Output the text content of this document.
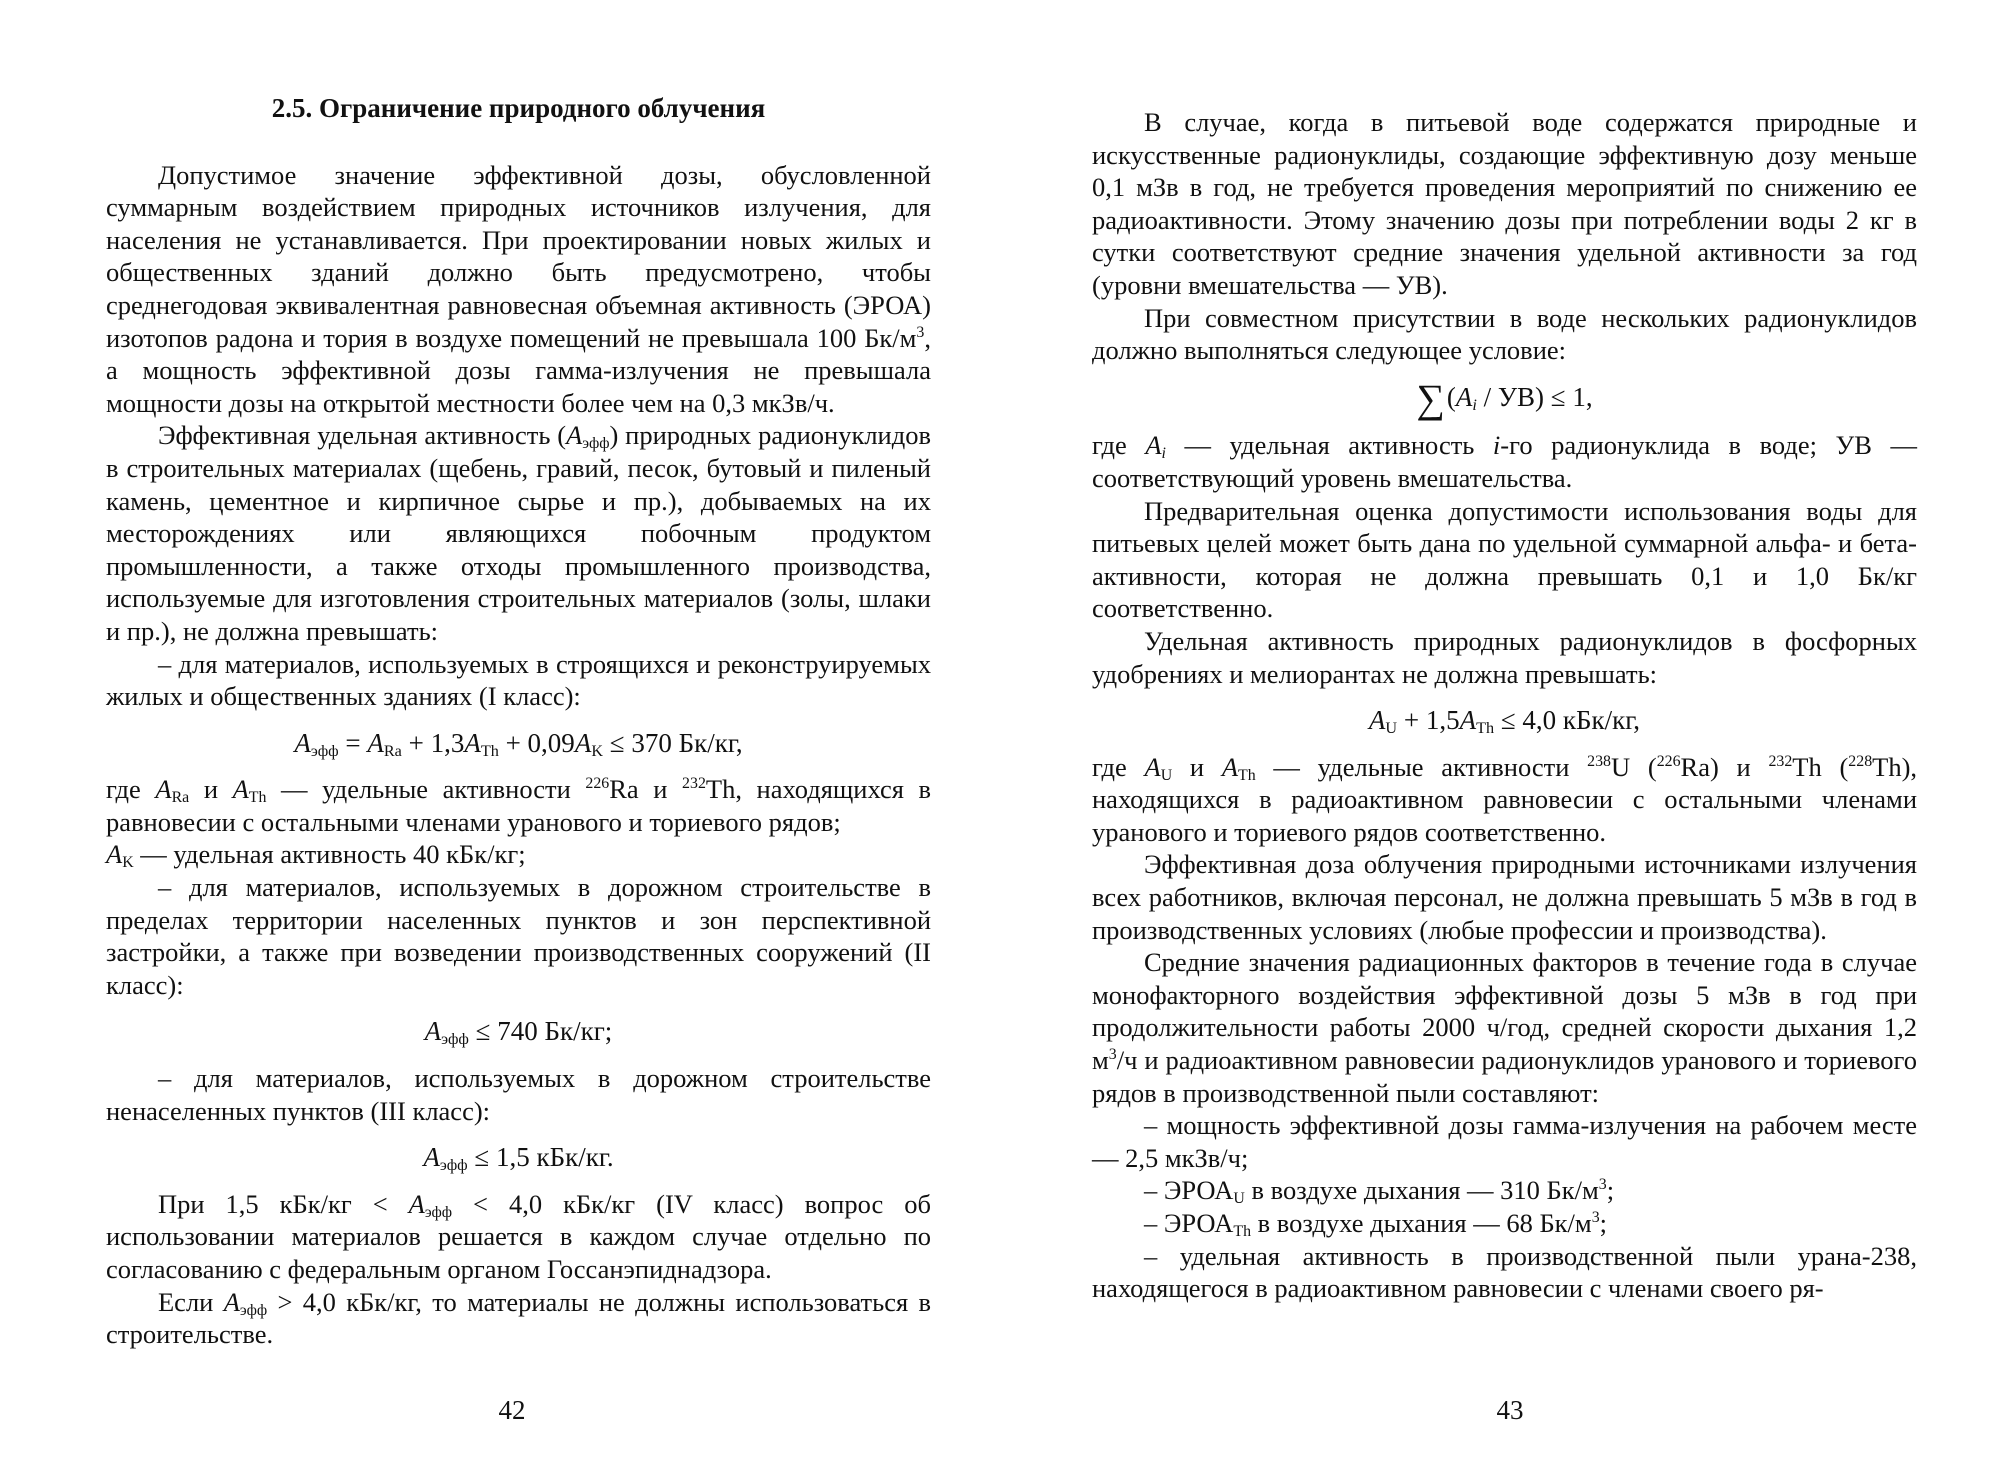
2.5. Ограничение природного облучения

Допустимое значение эффективной дозы, обусловленной суммарным воздействием природных источников излучения, для населения не устанавливается. При проектировании новых жилых и общественных зданий должно быть предусмотрено, чтобы среднегодовая эквивалентная равновесная объемная активность (ЭРОА) изотопов радона и тория в воздухе помещений не превышала 100 $Бк/м^3$, а мощность эффективной дозы гамма-излучения не превышала мощности дозы на открытой местности более чем на 0,3 мкЗв/ч.

Эффективная удельная активность $(A_{эфф})$ природных радионуклидов в строительных материалах (щебень, гравий, песок, бутовый и пиленый камень, цементное и кирпичное сырье и пр.), добываемых на их месторождениях или являющихся побочным продуктом промышленности, а также отходы промышленного производства, используемые для изготовления строительных материалов (золы, шлаки и пр.), не должна превышать:

– для материалов, используемых в строящихся и реконструируемых жилых и общественных зданиях (I класс):

$A_{эфф} = A_{Ra} + 1,3A_{Th} + 0,09A_K \le 370$ Бк/кг,

где $A_{Ra}$ и $A_{Th}$ — удельные активности $^{226}$Ra и $^{232}$Th, находящихся в равновесии с остальными членами уранового и ториевого рядов;

$A_K$ — удельная активность 40 кБк/кг;

– для материалов, используемых в дорожном строительстве в пределах территории населенных пунктов и зон перспективной застройки, а также при возведении производственных сооружений (II класс):

$A_{эфф} \le 740$ Бк/кг;

– для материалов, используемых в дорожном строительстве ненаселенных пунктов (III класс):

$A_{эфф} \le 1,5$ кБк/кг.

При 1,5 $кБк/кг < A_{эфф} < 4,0$ кБк/кг (IV класс) вопрос об использовании материалов решается в каждом случае отдельно по согласованию с федеральным органом Госсанэпиднадзора.

Если $A_{эфф} > 4,0$ кБк/кг, то материалы не должны использоваться в строительстве.

В случае, когда в питьевой воде содержатся природные и искусственные радионуклиды, создающие эффективную дозу меньше 0,1 мЗв в год, не требуется проведения мероприятий по снижению ее радиоактивности. Этому значению дозы при потреблении воды 2 кг в сутки соответствуют средние значения удельной активности за год (уровни вмешательства — УВ).

При совместном присутствии в воде нескольких радионуклидов должно выполняться следующее условие:

$\sum(A_i / УВ) \le 1$,

где $A_i$ — удельная активность i-го радионуклида в воде; УВ — соответствующий уровень вмешательства.

Предварительная оценка допустимости использования воды для питьевых целей может быть дана по удельной суммарной альфа- и бета-активности, которая не должна превышать 0,1 и 1,0 Бк/кг соответственно.

Удельная активность природных радионуклидов в фосфорных удобрениях и мелиорантах не должна превышать:

$A_U + 1,5A_{Th} \le 4,0$ кБк/кг,

где $A_U$ и $A_{Th}$ — удельные активности $^{238}$U ($^{226}$Ra) и $^{232}$Th ($^{228}$Th), находящихся в радиоактивном равновесии с остальными членами уранового и ториевого рядов соответственно.

Эффективная доза облучения природными источниками излучения всех работников, включая персонал, не должна превышать 5 мЗв в год в производственных условиях (любые профессии и производства).

Средние значения радиационных факторов в течение года в случае монофакторного воздействия эффективной дозы 5 мЗв в год при продолжительности работы 2000 ч/год, средней скорости дыхания 1,2 $м^3/ч$ и радиоактивном равновесии радионуклидов уранового и ториевого рядов в производственной пыли составляют:

– мощность эффективной дозы гамма-излучения на рабочем месте — 2,5 мкЗв/ч;

– $ЭРОА_U$ в воздухе дыхания — 310 $Бк/м^3$;

– $ЭРОА_{Th}$ в воздухе дыхания — 68 $Бк/м^3$;

– удельная активность в производственной пыли урана-238, находящегося в радиоактивном равновесии с членами своего ря-

42	43
